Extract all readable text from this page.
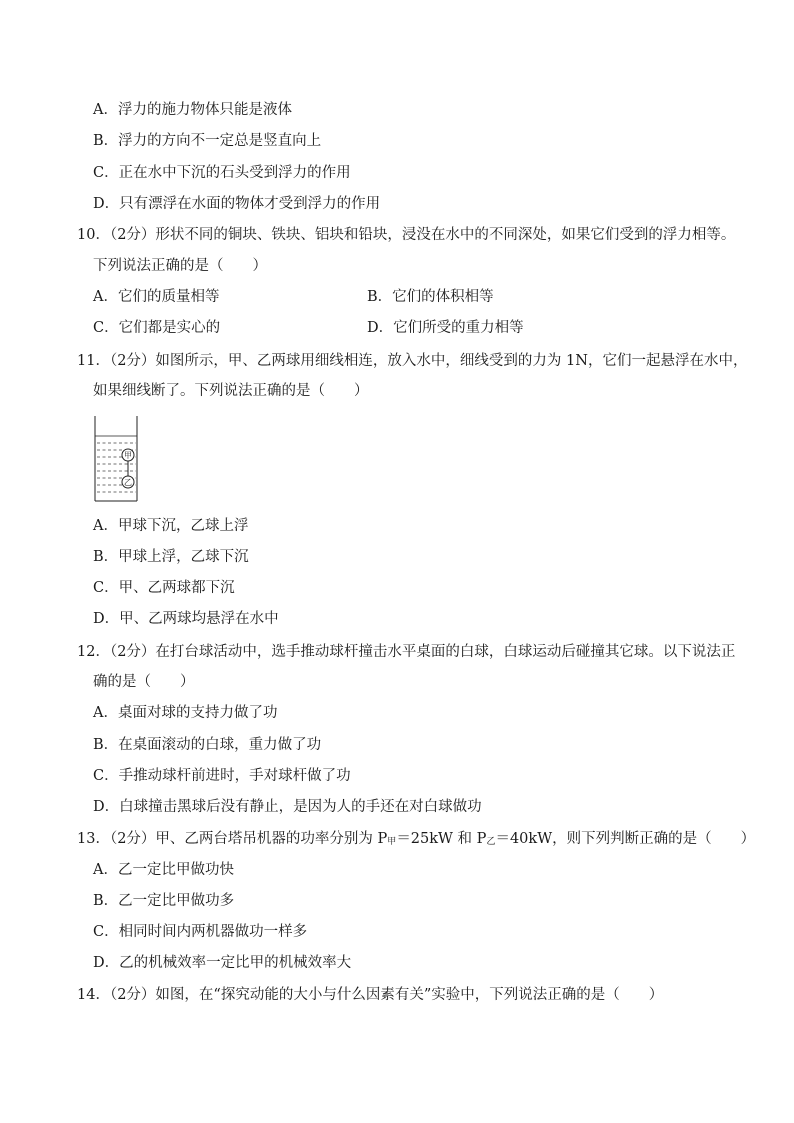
A．浮力的施力物体只能是液体
B．浮力的方向不一定总是竖直向上
C．正在水中下沉的石头受到浮力的作用
D．只有漂浮在水面的物体才受到浮力的作用
10．（2分）形状不同的铜块、铁块、铝块和铅块，浸没在水中的不同深处，如果它们受到的浮力相等。
下列说法正确的是（　　）
A．它们的质量相等	B．它们的体积相等
C．它们都是实心的	D．它们所受的重力相等
11．（2分）如图所示，甲、乙两球用细线相连，放入水中，细线受到的力为 1N，它们一起悬浮在水中，
如果细线断了。下列说法正确的是（　　）
甲
乙
A．甲球下沉，乙球上浮
B．甲球上浮，乙球下沉
C．甲、乙两球都下沉
D．甲、乙两球均悬浮在水中
12．（2分）在打台球活动中，选手推动球杆撞击水平桌面的白球，白球运动后碰撞其它球。以下说法正
确的是（　　）
A．桌面对球的支持力做了功
B．在桌面滚动的白球，重力做了功
C．手推动球杆前进时，手对球杆做了功
D．白球撞击黑球后没有静止，是因为人的手还在对白球做功
13．（2分）甲、乙两台塔吊机器的功率分别为 $P_甲=25kW$ 和 $P_乙=40kW$，则下列判断正确的是（　　）
A．乙一定比甲做功快
B．乙一定比甲做功多
C．相同时间内两机器做功一样多
D．乙的机械效率一定比甲的机械效率大
14．（2分）如图，在“探究动能的大小与什么因素有关”实验中，下列说法正确的是（　　）
